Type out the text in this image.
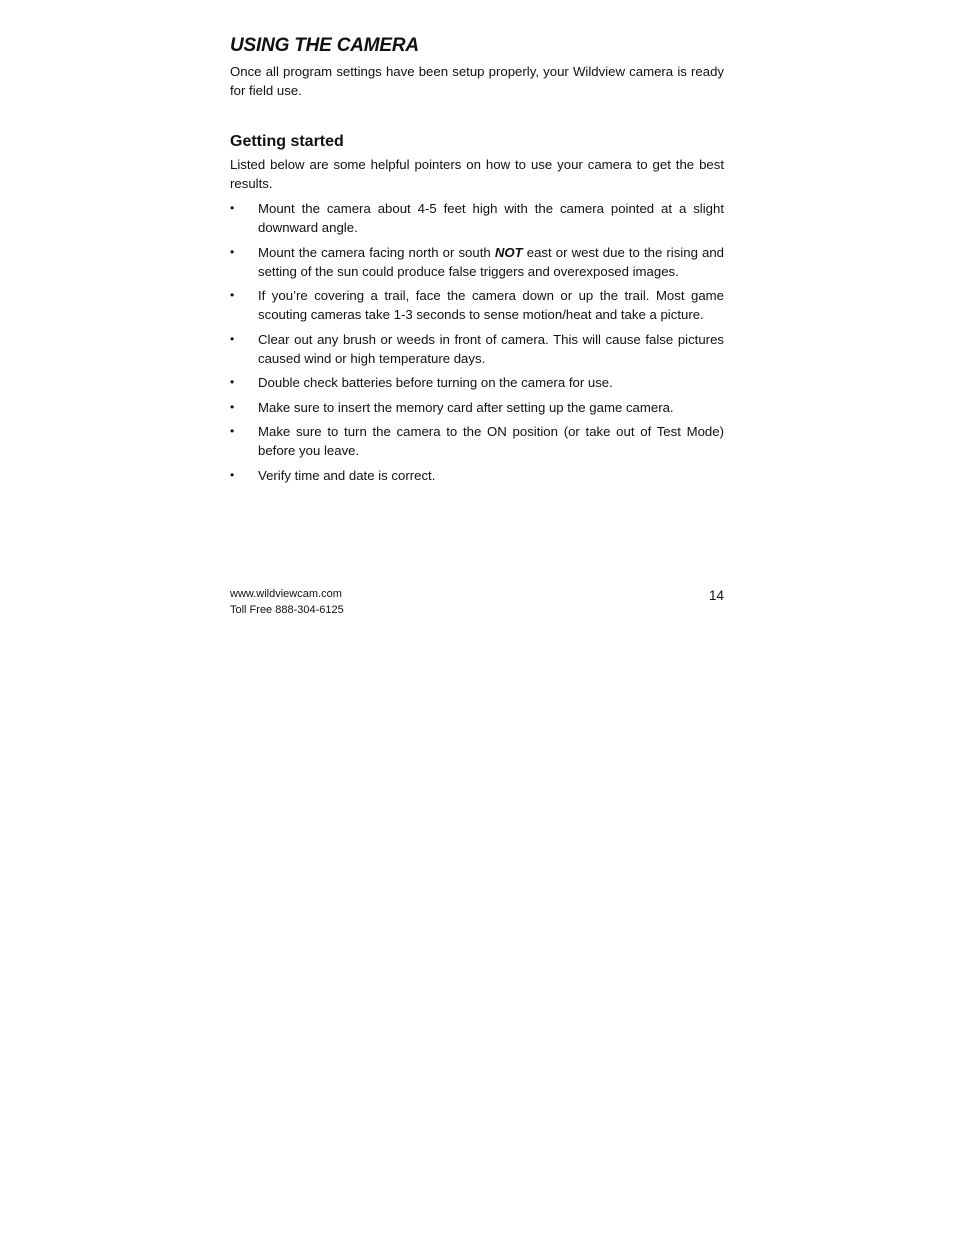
USING THE CAMERA

Once all program settings have been setup properly, your Wildview camera is ready for field use.

Getting started

Listed below are some helpful pointers on how to use your camera to get the best results.

•	Mount the camera about 4-5 feet high with the camera pointed at a slight downward angle.
•	Mount the camera facing north or south NOT east or west due to the rising and setting of the sun could produce false triggers and overexposed images.
•	If you’re covering a trail, face the camera down or up the trail. Most game scouting cameras take 1-3 seconds to sense motion/heat and take a picture.
•	Clear out any brush or weeds in front of camera. This will cause false pictures caused wind or high temperature days.
•	Double check batteries before turning on the camera for use.
•	Make sure to insert the memory card after setting up the game camera.
•	Make sure to turn the camera to the ON position (or take out of Test Mode) before you leave.
•	Verify time and date is correct.
www.wildviewcam.com
Toll Free 888-304-6125
14
